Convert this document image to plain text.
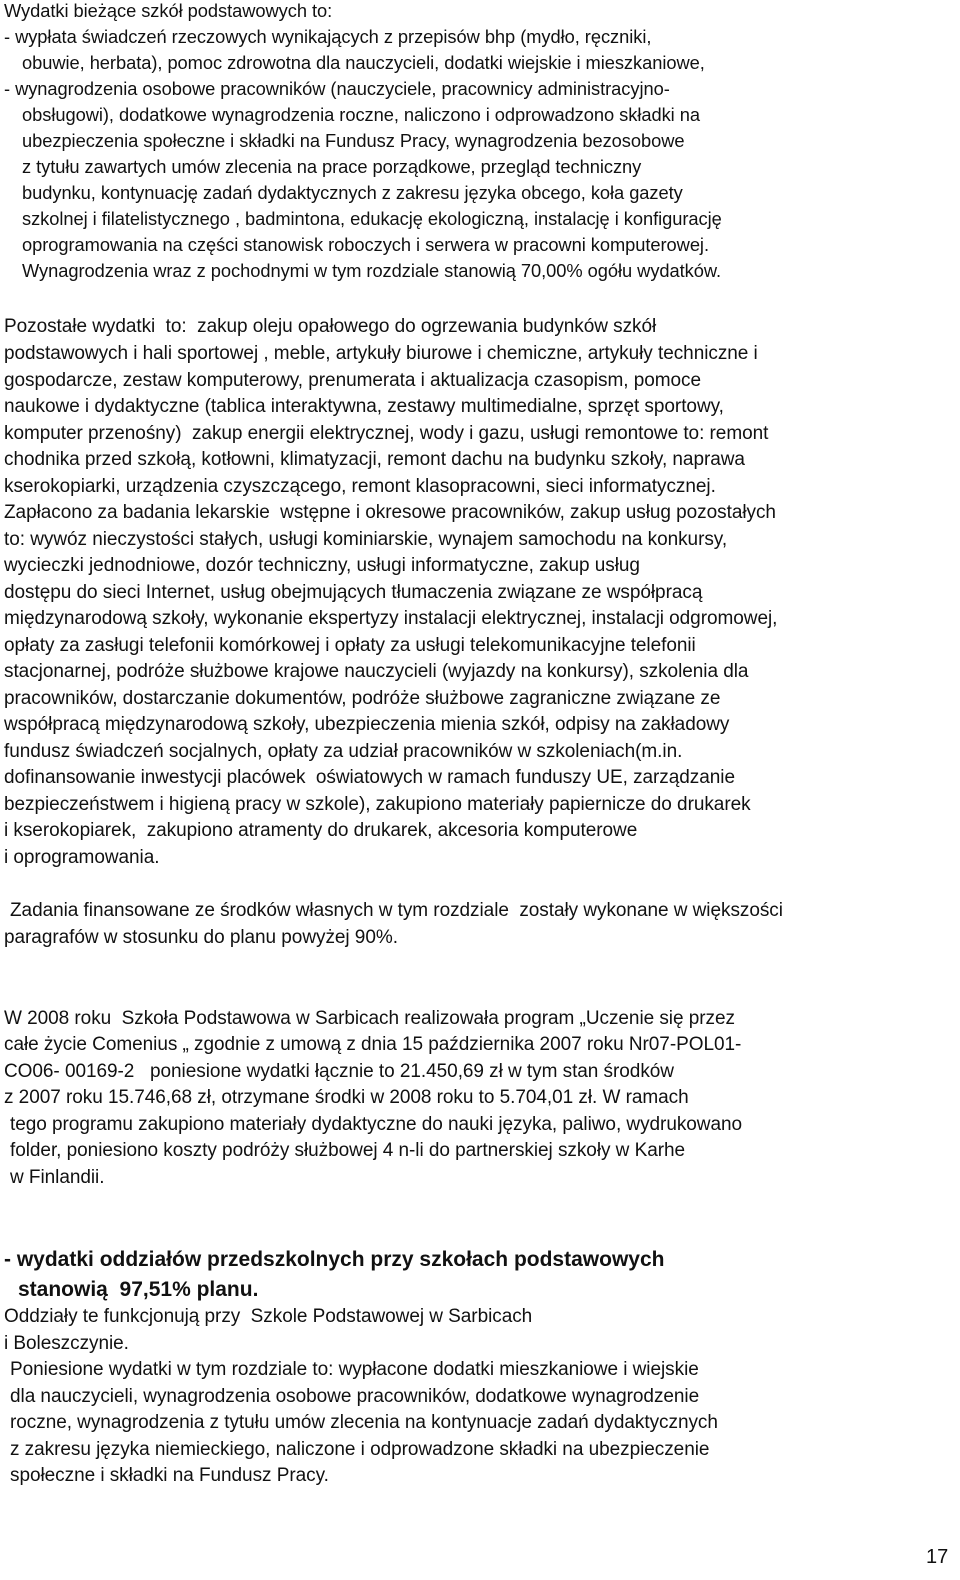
Wydatki bieżące szkół podstawowych to:
- wypłata świadczeń rzeczowych wynikających z przepisów bhp (mydło, ręczniki,
obuwie, herbata), pomoc zdrowotna dla nauczycieli, dodatki wiejskie i mieszkaniowe,
- wynagrodzenia osobowe pracowników (nauczyciele, pracownicy administracyjno-
obsługowi), dodatkowe wynagrodzenia roczne, naliczono i odprowadzono składki na
ubezpieczenia społeczne i składki na Fundusz Pracy, wynagrodzenia bezosobowe
z tytułu zawartych umów zlecenia na prace porządkowe, przegląd techniczny
budynku, kontynuację zadań dydaktycznych z zakresu języka obcego, koła gazety
szkolnej i filatelistycznego , badmintona, edukację ekologiczną, instalację i konfigurację
oprogramowania na części stanowisk roboczych i serwera w pracowni komputerowej.
Wynagrodzenia wraz z pochodnymi w tym rozdziale stanowią 70,00% ogółu wydatków.
Pozostałe wydatki  to:  zakup oleju opałowego do ogrzewania budynków szkół
podstawowych i hali sportowej , meble, artykuły biurowe i chemiczne, artykuły techniczne i
gospodarcze, zestaw komputerowy, prenumerata i aktualizacja czasopism, pomoce
naukowe i dydaktyczne (tablica interaktywna, zestawy multimedialne, sprzęt sportowy,
komputer przenośny)  zakup energii elektrycznej, wody i gazu, usługi remontowe to: remont
chodnika przed szkołą, kotłowni, klimatyzacji, remont dachu na budynku szkoły, naprawa
kserokopiarki, urządzenia czyszczącego, remont klasopracowni, sieci informatycznej.
Zapłacono za badania lekarskie  wstępne i okresowe pracowników, zakup usług pozostałych
to: wywóz nieczystości stałych, usługi kominiarskie, wynajem samochodu na konkursy,
wycieczki jednodniowe, dozór techniczny, usługi informatyczne, zakup usług
dostępu do sieci Internet, usług obejmujących tłumaczenia związane ze współpracą
międzynarodową szkoły, wykonanie ekspertyzy instalacji elektrycznej, instalacji odgromowej,
opłaty za zasługi telefonii komórkowej i opłaty za usługi telekomunikacyjne telefonii
stacjonarnej, podróże służbowe krajowe nauczycieli (wyjazdy na konkursy), szkolenia dla
pracowników, dostarczanie dokumentów, podróże służbowe zagraniczne związane ze
współpracą międzynarodową szkoły, ubezpieczenia mienia szkół, odpisy na zakładowy
fundusz świadczeń socjalnych, opłaty za udział pracowników w szkoleniach(m.in.
dofinansowanie inwestycji placówek  oświatowych w ramach funduszy UE, zarządzanie
bezpieczeństwem i higieną pracy w szkole), zakupiono materiały papiernicze do drukarek
i kserokopiarek,  zakupiono atramenty do drukarek, akcesoria komputerowe
i oprogramowania.
Zadania finansowane ze środków własnych w tym rozdziale  zostały wykonane w większości
paragrafów w stosunku do planu powyżej 90%.
W 2008 roku  Szkoła Podstawowa w Sarbicach realizowała program „Uczenie się przez
całe życie Comenius „ zgodnie z umową z dnia 15 października 2007 roku Nr07-POL01-
CO06- 00169-2   poniesione wydatki łącznie to 21.450,69 zł w tym stan środków
z 2007 roku 15.746,68 zł, otrzymane środki w 2008 roku to 5.704,01 zł. W ramach
tego programu zakupiono materiały dydaktyczne do nauki języka, paliwo, wydrukowano
folder, poniesiono koszty podróży służbowej 4 n-li do partnerskiej szkoły w Karhe
w Finlandii.
- wydatki oddziałów przedszkolnych przy szkołach podstawowych
stanowią  97,51% planu.
Oddziały te funkcjonują przy  Szkole Podstawowej w Sarbicach
i Boleszczynie.
Poniesione wydatki w tym rozdziale to: wypłacone dodatki mieszkaniowe i wiejskie
dla nauczycieli, wynagrodzenia osobowe pracowników, dodatkowe wynagrodzenie
roczne, wynagrodzenia z tytułu umów zlecenia na kontynuacje zadań dydaktycznych
z zakresu języka niemieckiego, naliczone i odprowadzone składki na ubezpieczenie
społeczne i składki na Fundusz Pracy.
17
